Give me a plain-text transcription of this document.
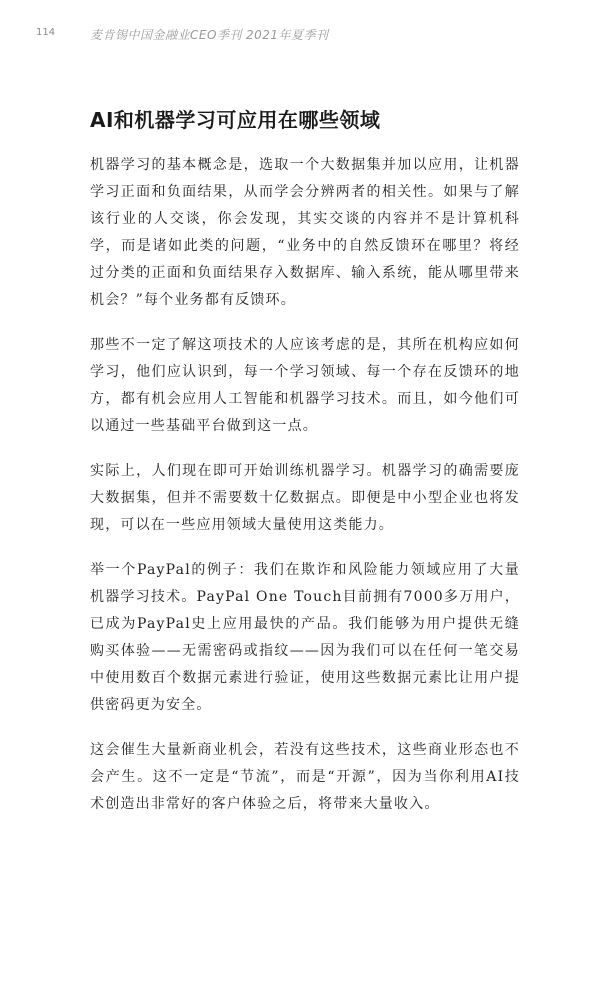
114	麦肯锡中国金融业CEO季刊 2021年夏季刊
AI和机器学习可应用在哪些领域

机器学习的基本概念是，选取一个大数据集并加以应用，让机器学习正面和负面结果，从而学会分辨两者的相关性。如果与了解该行业的人交谈，你会发现，其实交谈的内容并不是计算机科学，而是诸如此类的问题，“业务中的自然反馈环在哪里？将经过分类的正面和负面结果存入数据库、输入系统，能从哪里带来机会？”每个业务都有反馈环。

那些不一定了解这项技术的人应该考虑的是，其所在机构应如何学习，他们应认识到，每一个学习领域、每一个存在反馈环的地方，都有机会应用人工智能和机器学习技术。而且，如今他们可以通过一些基础平台做到这一点。

实际上，人们现在即可开始训练机器学习。机器学习的确需要庞大数据集，但并不需要数十亿数据点。即便是中小型企业也将发现，可以在一些应用领域大量使用这类能力。

举一个PayPal的例子：我们在欺诈和风险能力领域应用了大量机器学习技术。PayPal One Touch目前拥有7000多万用户，已成为PayPal史上应用最快的产品。我们能够为用户提供无缝购买体验——无需密码或指纹——因为我们可以在任何一笔交易中使用数百个数据元素进行验证，使用这些数据元素比让用户提供密码更为安全。

这会催生大量新商业机会，若没有这些技术，这些商业形态也不会产生。这不一定是“节流”，而是“开源”，因为当你利用AI技术创造出非常好的客户体验之后，将带来大量收入。
